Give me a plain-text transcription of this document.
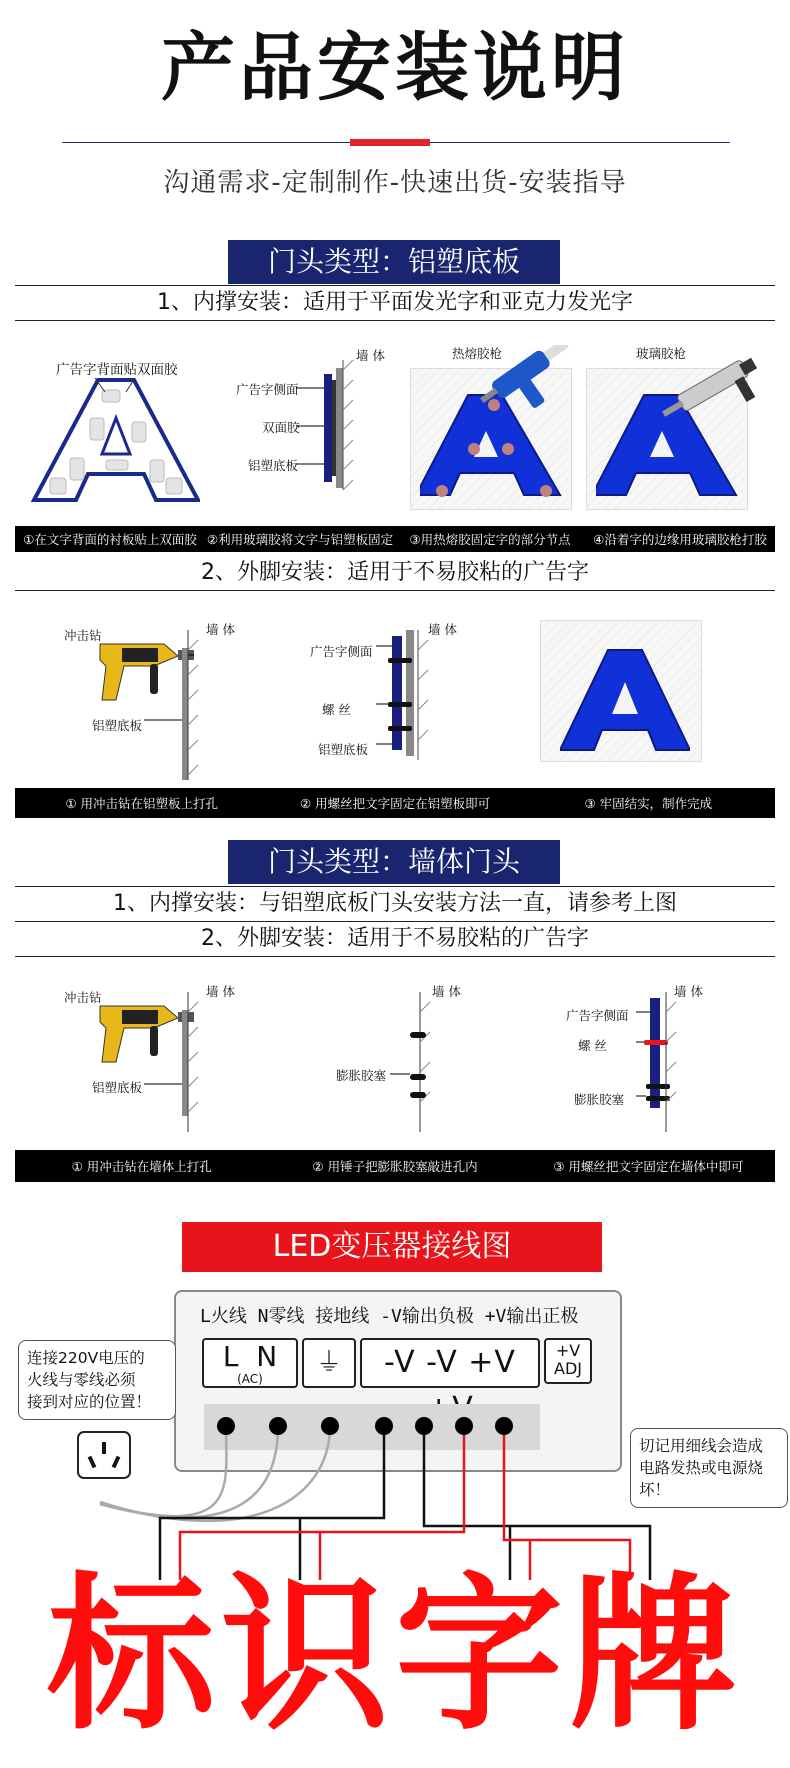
产品安装说明
沟通需求-定制制作-快速出货-安装指导
门头类型：铝塑底板
1、内撑安装：适用于平面发光字和亚克力发光字
广告字背面贴双面胶
墙 体
广告字侧面
双面胶
铝塑底板
热熔胶枪	玻璃胶枪
①在文字背面的衬板贴上双面胶 ②利用玻璃胶将文字与铝塑板固定	③用热熔胶固定字的部分节点	④沿着字的边缘用玻璃胶枪打胶
2、外脚安装：适用于不易胶粘的广告字
冲击钻	墙 体
铝塑底板
墙 体
广告字侧面
螺 丝
铝塑底板
① 用冲击钻在铝塑板上打孔	② 用螺丝把文字固定在铝塑板即可	③ 牢固结实，制作完成
门头类型：墙体门头
1、内撑安装：与铝塑底板门头安装方法一直，请参考上图
2、外脚安装：适用于不易胶粘的广告字
冲击钻	墙 体
铝塑底板
墙 体
膨胀胶塞
墙 体
广告字侧面
螺 丝
膨胀胶塞
① 用冲击钻在墙体上打孔	② 用锤子把膨胀胶塞敲进孔内	③ 用螺丝把文字固定在墙体中即可
LED变压器接线图
L火线 N零线 接地线 -V输出负极 +V输出正极
L N
(AC)
⏚	-V -V +V	+V
ADJ
连接220V电压的
火线与零线必须
接到对应的位置！
切记用细线会造成
电路发热或电源烧
坏！
标识字牌
